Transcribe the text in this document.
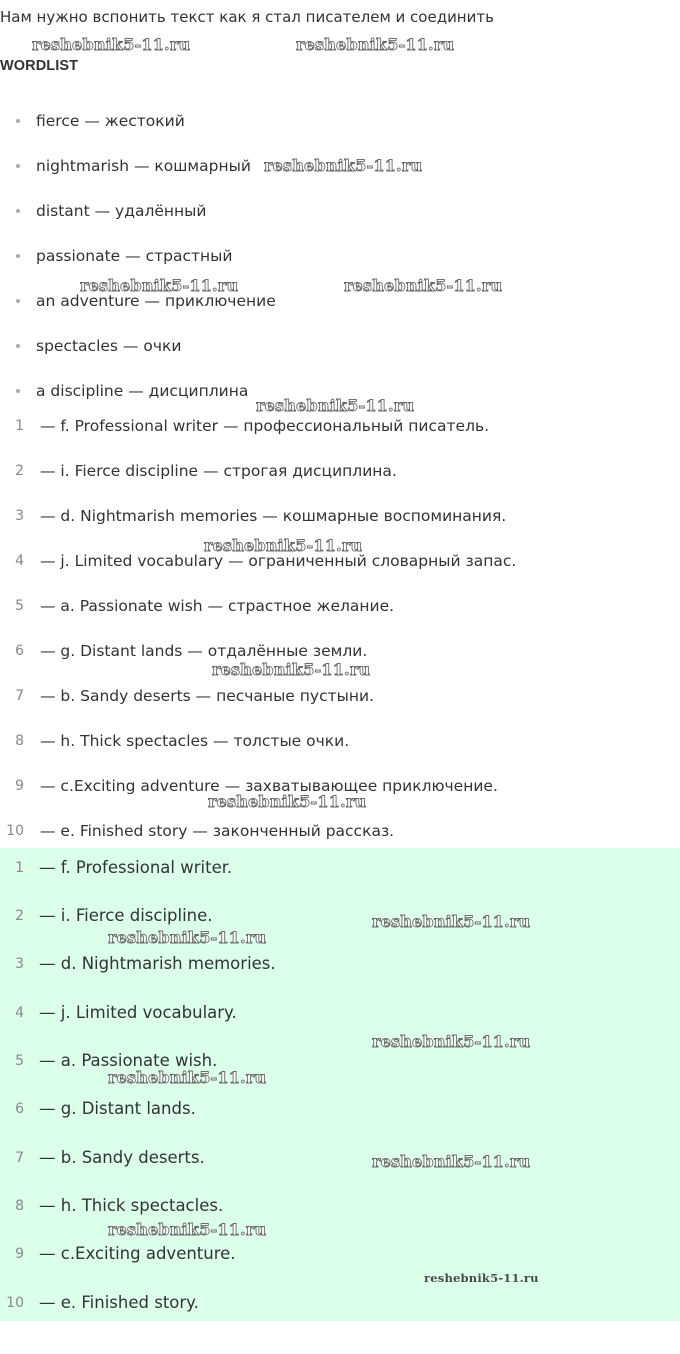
Нам нужно вспонить текст как я стал писателем и соединить
WORDLIST
fierce — жестокий
nightmarish — кошмарный
distant — удалённый
passionate — страстный
an adventure — приключение
spectacles — очки
a discipline — дисциплина
1 — f. Professional writer — профессиональный писатель.
2 — i. Fierce discipline — строгая дисциплина.
3 — d. Nightmarish memories — кошмарные воспоминания.
4 — j. Limited vocabulary — ограниченный словарный запас.
5 — a. Passionate wish — страстное желание.
6 — g. Distant lands — отдалённые земли.
7 — b. Sandy deserts — песчаные пустыни.
8 — h. Thick spectacles — толстые очки.
9 — c.Exciting adventure — захватывающее приключение.
10 — e. Finished story — законченный рассказ.
1 — f. Professional writer.
2 — i. Fierce discipline.
3 — d. Nightmarish memories.
4 — j. Limited vocabulary.
5 — a. Passionate wish.
6 — g. Distant lands.
7 — b. Sandy deserts.
8 — h. Thick spectacles.
9 — c.Exciting adventure.
10 — e. Finished story.
reshebnik5-11.ru	reshebnik5-11.ru
reshebnik5-11.ru
reshebnik5-11.ru	reshebnik5-11.ru
reshebnik5-11.ru
reshebnik5-11.ru
reshebnik5-11.ru
reshebnik5-11.ru
reshebnik5-11.ru
reshebnik5-11.ru
reshebnik5-11.ru
reshebnik5-11.ru
reshebnik5-11.ru
reshebnik5-11.ru
reshebnik5-11.ru
